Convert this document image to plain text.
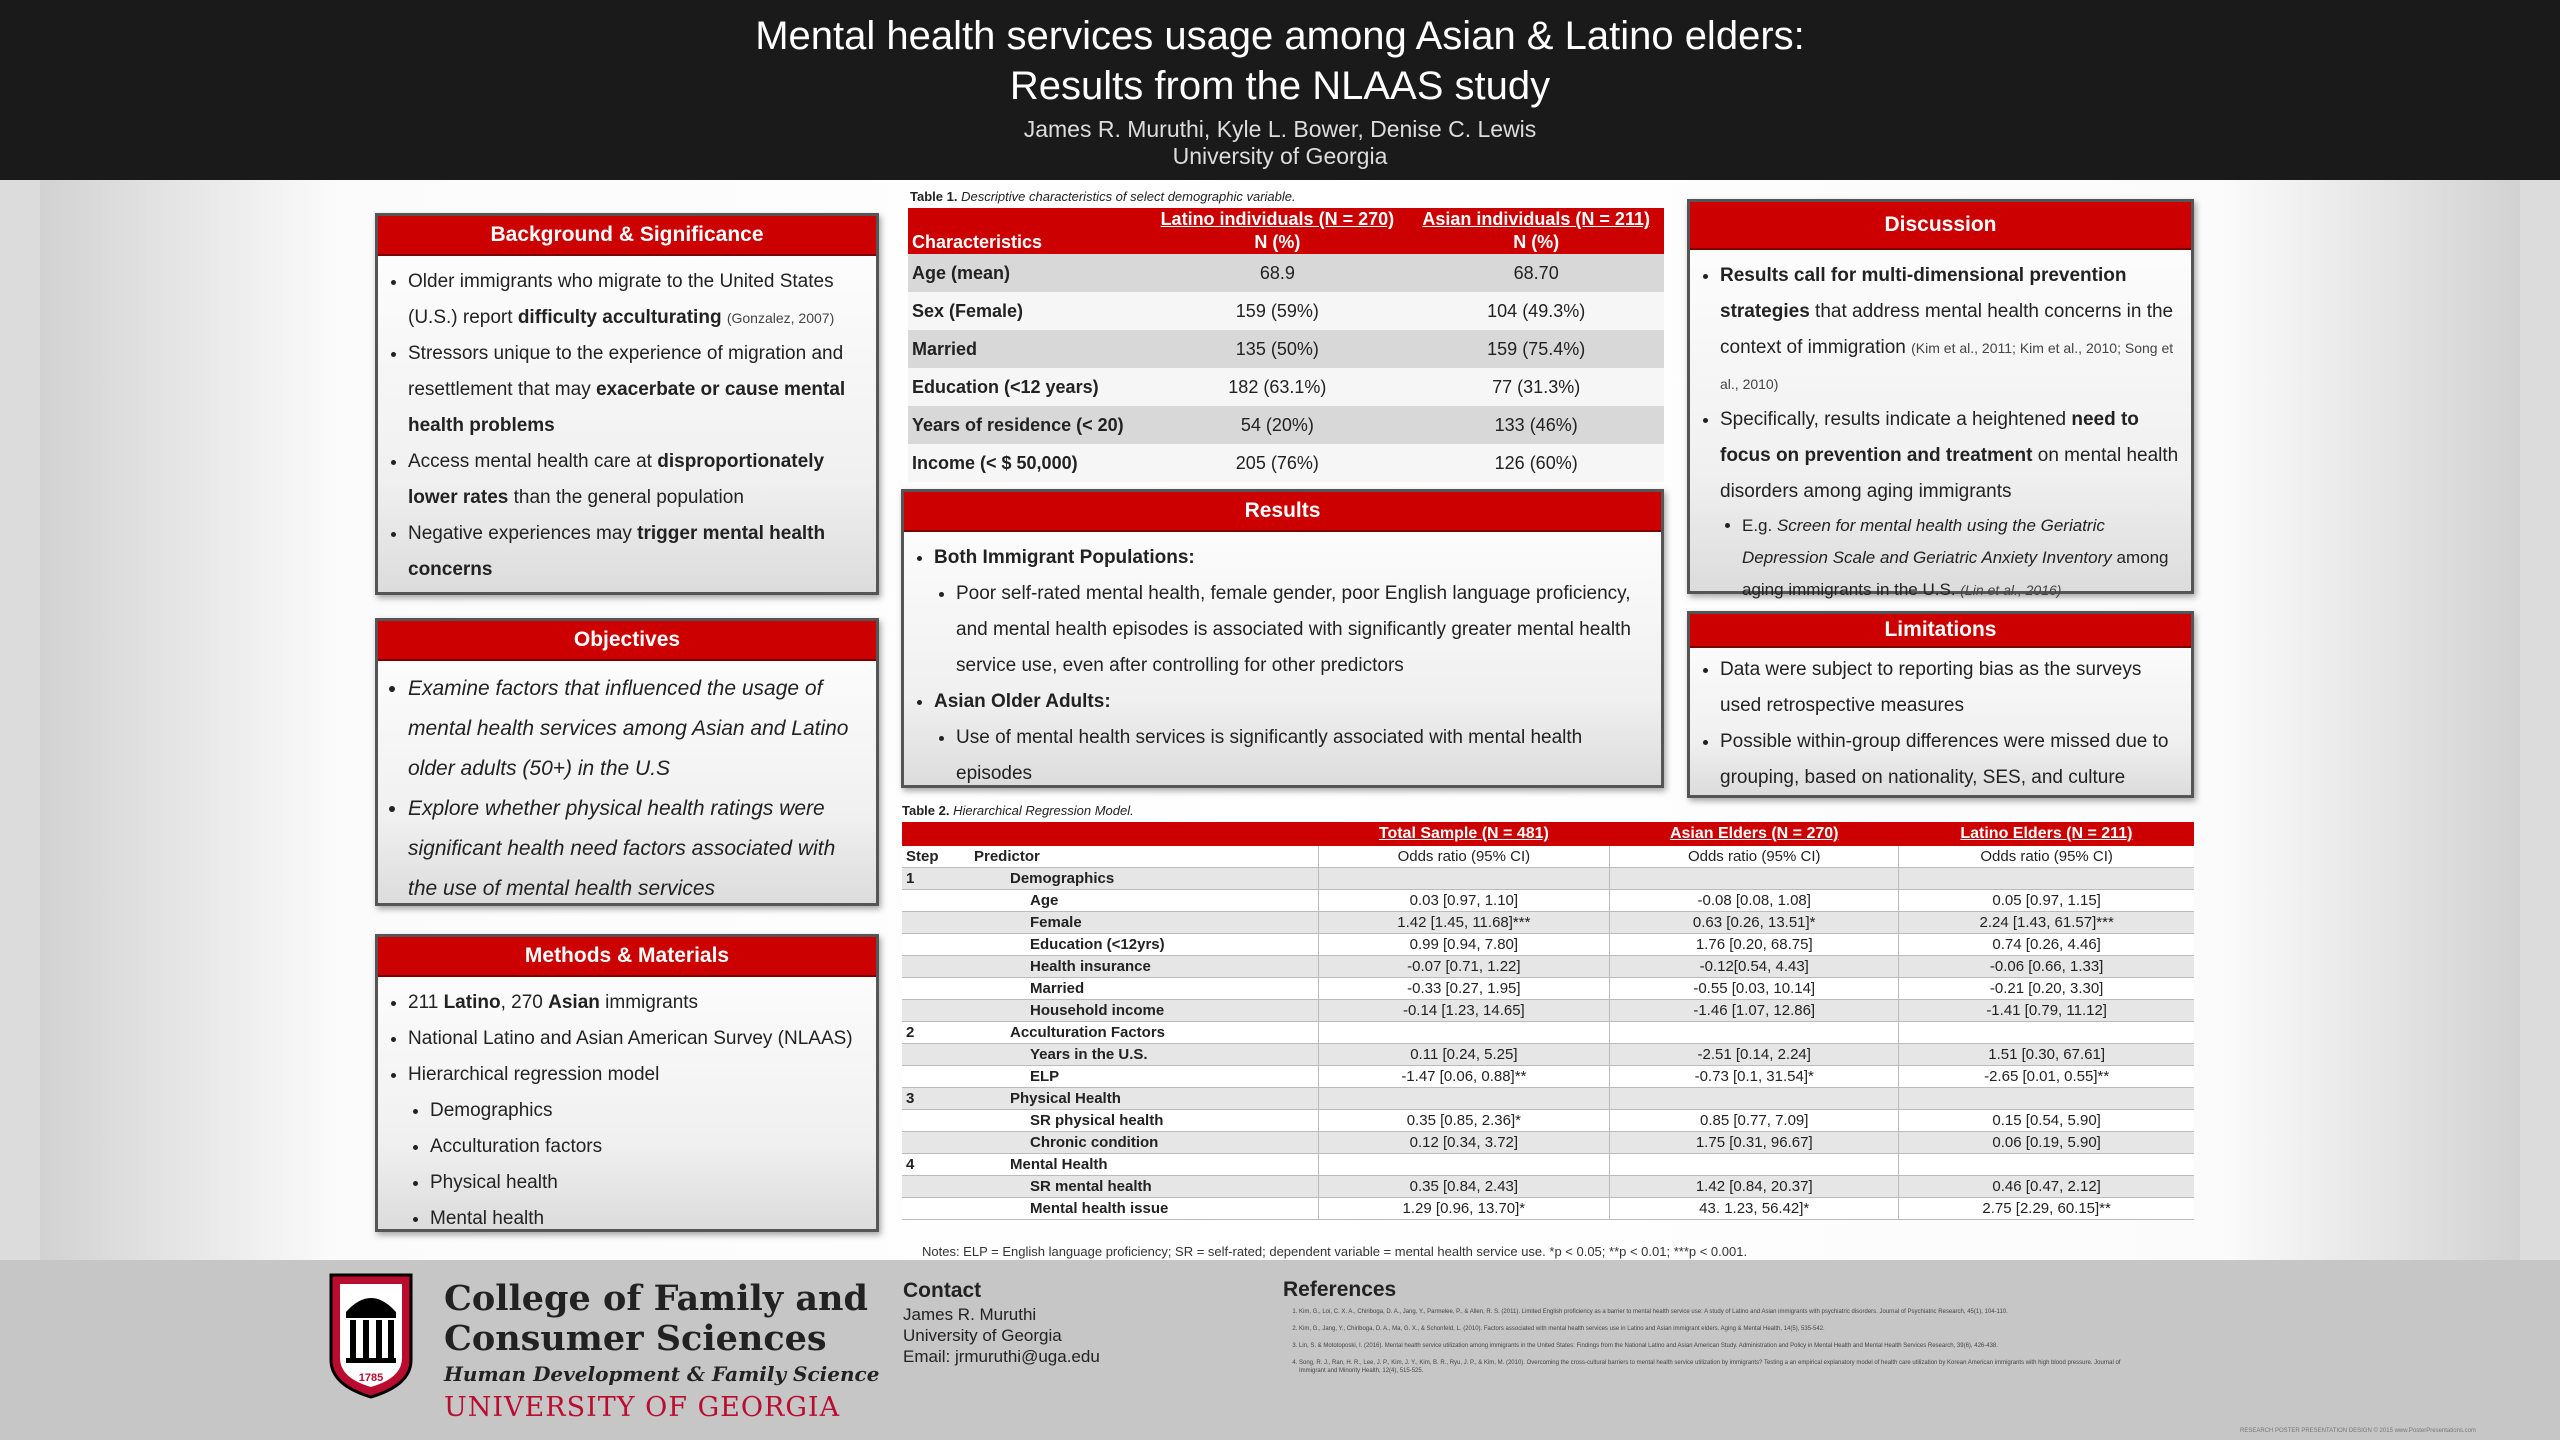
Mental health services usage among Asian & Latino elders:
Results from the NLAAS study
James R. Muruthi, Kyle L. Bower, Denise C. Lewis
University of Georgia
Background & Significance
• Older immigrants who migrate to the United States (U.S.) report difficulty acculturating (Gonzalez, 2007)
• Stressors unique to the experience of migration and resettlement that may exacerbate or cause mental health problems
• Access mental health care at disproportionately lower rates than the general population
• Negative experiences may trigger mental health concerns
Objectives
• Examine factors that influenced the usage of mental health services among Asian and Latino older adults (50+) in the U.S
• Explore whether physical health ratings were significant health need factors associated with the use of mental health services
Methods & Materials
• 211 Latino, 270 Asian immigrants
• National Latino and Asian American Survey (NLAAS)
• Hierarchical regression model
• Demographics
• Acculturation factors
• Physical health
• Mental health
Table 1. Descriptive characteristics of select demographic variable.
Characteristics	Latino individuals (N = 270)	Asian individuals (N = 211)
	N (%)	N (%)
Age (mean)	68.9	68.70
Sex (Female)	159 (59%)	104 (49.3%)
Married	135 (50%)	159 (75.4%)
Education (<12 years)	182 (63.1%)	77 (31.3%)
Years of residence (< 20)	54 (20%)	133 (46%)
Income (< $ 50,000)	205 (76%)	126 (60%)
Results
• Both Immigrant Populations:
• Poor self-rated mental health, female gender, poor English language proficiency, and mental health episodes is associated with significantly greater mental health service use, even after controlling for other predictors
• Asian Older Adults:
• Use of mental health services is significantly associated with mental health episodes
Table 2. Hierarchical Regression Model.
		Total Sample (N = 481)	Asian Elders (N = 270)	Latino Elders (N = 211)
Step	Predictor	Odds ratio (95% CI)	Odds ratio (95% CI)	Odds ratio (95% CI)
1	Demographics			
	Age	0.03 [0.97, 1.10]	-0.08 [0.08, 1.08]	0.05 [0.97, 1.15]
	Female	1.42 [1.45, 11.68]***	0.63 [0.26, 13.51]*	2.24 [1.43, 61.57]***
	Education (<12yrs)	0.99 [0.94, 7.80]	1.76 [0.20, 68.75]	0.74 [0.26, 4.46]
	Health insurance	-0.07 [0.71, 1.22]	-0.12[0.54, 4.43]	-0.06 [0.66, 1.33]
	Married	-0.33 [0.27, 1.95]	-0.55 [0.03, 10.14]	-0.21 [0.20, 3.30]
	Household income	-0.14 [1.23, 14.65]	-1.46 [1.07, 12.86]	-1.41 [0.79, 11.12]
2	Acculturation Factors			
	Years in the U.S.	0.11 [0.24, 5.25]	-2.51 [0.14, 2.24]	1.51 [0.30, 67.61]
	ELP	-1.47 [0.06, 0.88]**	-0.73 [0.1, 31.54]*	-2.65 [0.01, 0.55]**
3	Physical Health			
	SR physical health	0.35 [0.85, 2.36]*	0.85 [0.77, 7.09]	0.15 [0.54, 5.90]
	Chronic condition	0.12 [0.34, 3.72]	1.75 [0.31, 96.67]	0.06 [0.19, 5.90]
4	Mental Health			
	SR mental health	0.35 [0.84, 2.43]	1.42 [0.84, 20.37]	0.46 [0.47, 2.12]
	Mental health issue	1.29 [0.96, 13.70]*	43. 1.23, 56.42]*	2.75 [2.29, 60.15]**
Notes: ELP = English language proficiency; SR = self-rated; dependent variable = mental health service use. *p < 0.05; **p < 0.01; ***p < 0.001.
Discussion
• Results call for multi-dimensional prevention strategies that address mental health concerns in the context of immigration (Kim et al., 2011; Kim et al., 2010; Song et al., 2010)
• Specifically, results indicate a heightened need to focus on prevention and treatment on mental health disorders among aging immigrants
• E.g. Screen for mental health using the Geriatric Depression Scale and Geriatric Anxiety Inventory among aging immigrants in the U.S. (Lin et al., 2016)
Limitations
• Data were subject to reporting bias as the surveys used retrospective measures
• Possible within-group differences were missed due to grouping, based on nationality, SES, and culture
1785
College of Family and
Consumer Sciences
Human Development & Family Science
UNIVERSITY OF GEORGIA
Contact
James R. Muruthi
University of Georgia
Email: jrmuruthi@uga.edu
References
1. Kim, G., Loi, C. X. A., Chiriboga, D. A., Jang, Y., Parmelee, P., & Allen, R. S. (2011). Limited English proficiency as a barrier to mental health service use: A study of Latino and Asian immigrants with psychiatric disorders. Journal of Psychiatric Research, 45(1), 104-110.
2. Kim, G., Jang, Y., Chiriboga, D. A., Ma, G. X., & Schonfeld, L. (2010). Factors associated with mental health services use in Latino and Asian immigrant elders. Aging & Mental Health, 14(5), 535-542.
3. Lin, S. & Mototoposki, I. (2016). Mental health service utilization among immigrants in the United States: Findings from the National Latino and Asian American Study. Administration and Policy in Mental Health and Mental Health Services Research, 39(6), 426-438.
4. Song, R. J., Ran, H. R., Lee, J. P., Kim, J. Y., Kim, B. R., Ryu, J. P., & Kim, M. (2010). Overcoming the cross-cultural barriers to mental health service utilization by immigrants? Testing a an empirical explanatory model of health care utilization by Korean American immigrants with high blood pressure. Journal of Immigrant and Minority Health, 12(4), 515-525.
RESEARCH POSTER PRESENTATION DESIGN © 2015 www.PosterPresentations.com
